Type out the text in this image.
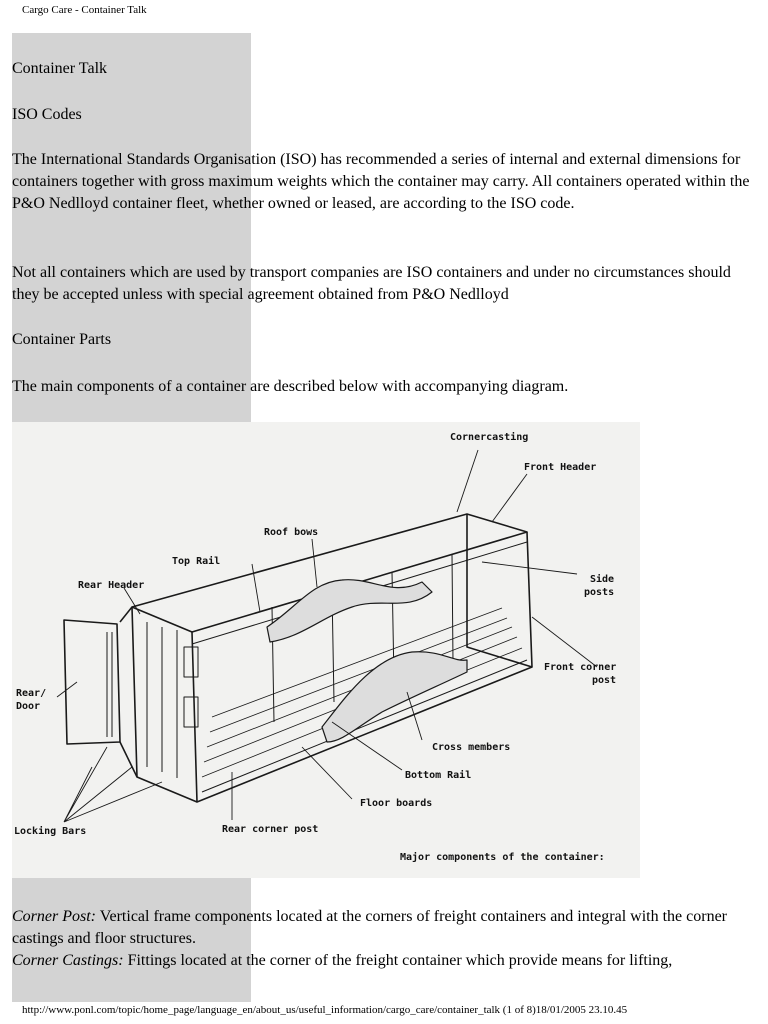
Cargo Care - Container Talk
Container Talk
ISO Codes
The International Standards Organisation (ISO) has recommended a series of internal and external dimensions for containers together with gross maximum weights which the container may carry. All containers operated within the P&O Nedlloyd container fleet, whether owned or leased, are according to the ISO code.
Not all containers which are used by transport companies are ISO containers and under no circumstances should they be accepted unless with special agreement obtained from P&O Nedlloyd
Container Parts
The main components of a container are described below with accompanying diagram.
Corner Post: Vertical frame components located at the corners of freight containers and integral with the corner castings and floor structures.
Corner Castings: Fittings located at the corner of the freight container which provide means for lifting,
Cornercasting
Front Header
Roof bows
Top Rail
Rear Header
Side
posts
Front corner
post
Rear/
Door
Cross members
Bottom Rail
Floor boards
Locking Bars	Rear corner post
Major components of the container:
http://www.ponl.com/topic/home_page/language_en/about_us/useful_information/cargo_care/container_talk (1 of 8)18/01/2005 23.10.45
